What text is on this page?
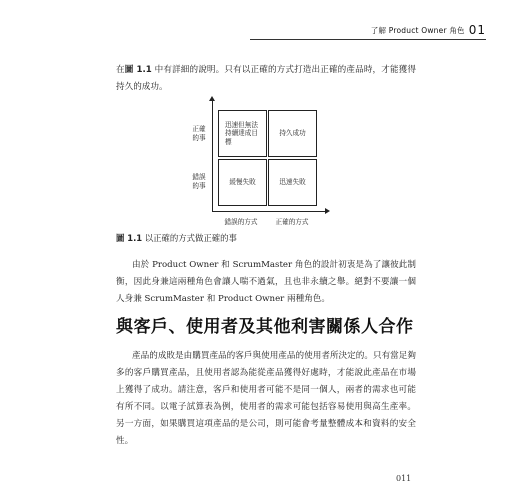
了解 Product Owner 角色 01
在圖 1.1 中有詳細的說明。只有以正確的方式打造出正確的產品時，才能獲得持久的成功。
正確
的事
錯誤
的事
迅速但無法
持續達成目
標
持久成功
緩慢失敗	迅速失敗
錯誤的方式	正確的方式
圖 1.1 以正確的方式做正確的事
由於 Product Owner 和 ScrumMaster 角色的設計初衷是為了讓彼此制衡，因此身兼這兩種角色會讓人喘不過氣，且也非永續之舉。絕對不要讓一個人身兼 ScrumMaster 和 Product Owner 兩種角色。
與客戶、使用者及其他利害關係人合作
產品的成敗是由購買產品的客戶與使用產品的使用者所決定的。只有當足夠多的客戶購買產品，且使用者認為能從產品獲得好處時，才能說此產品在市場上獲得了成功。請注意，客戶和使用者可能不是同一個人，兩者的需求也可能有所不同。以電子試算表為例，使用者的需求可能包括容易使用與高生產率。另一方面，如果購買這項產品的是公司，則可能會考量整體成本和資料的安全性。
011
